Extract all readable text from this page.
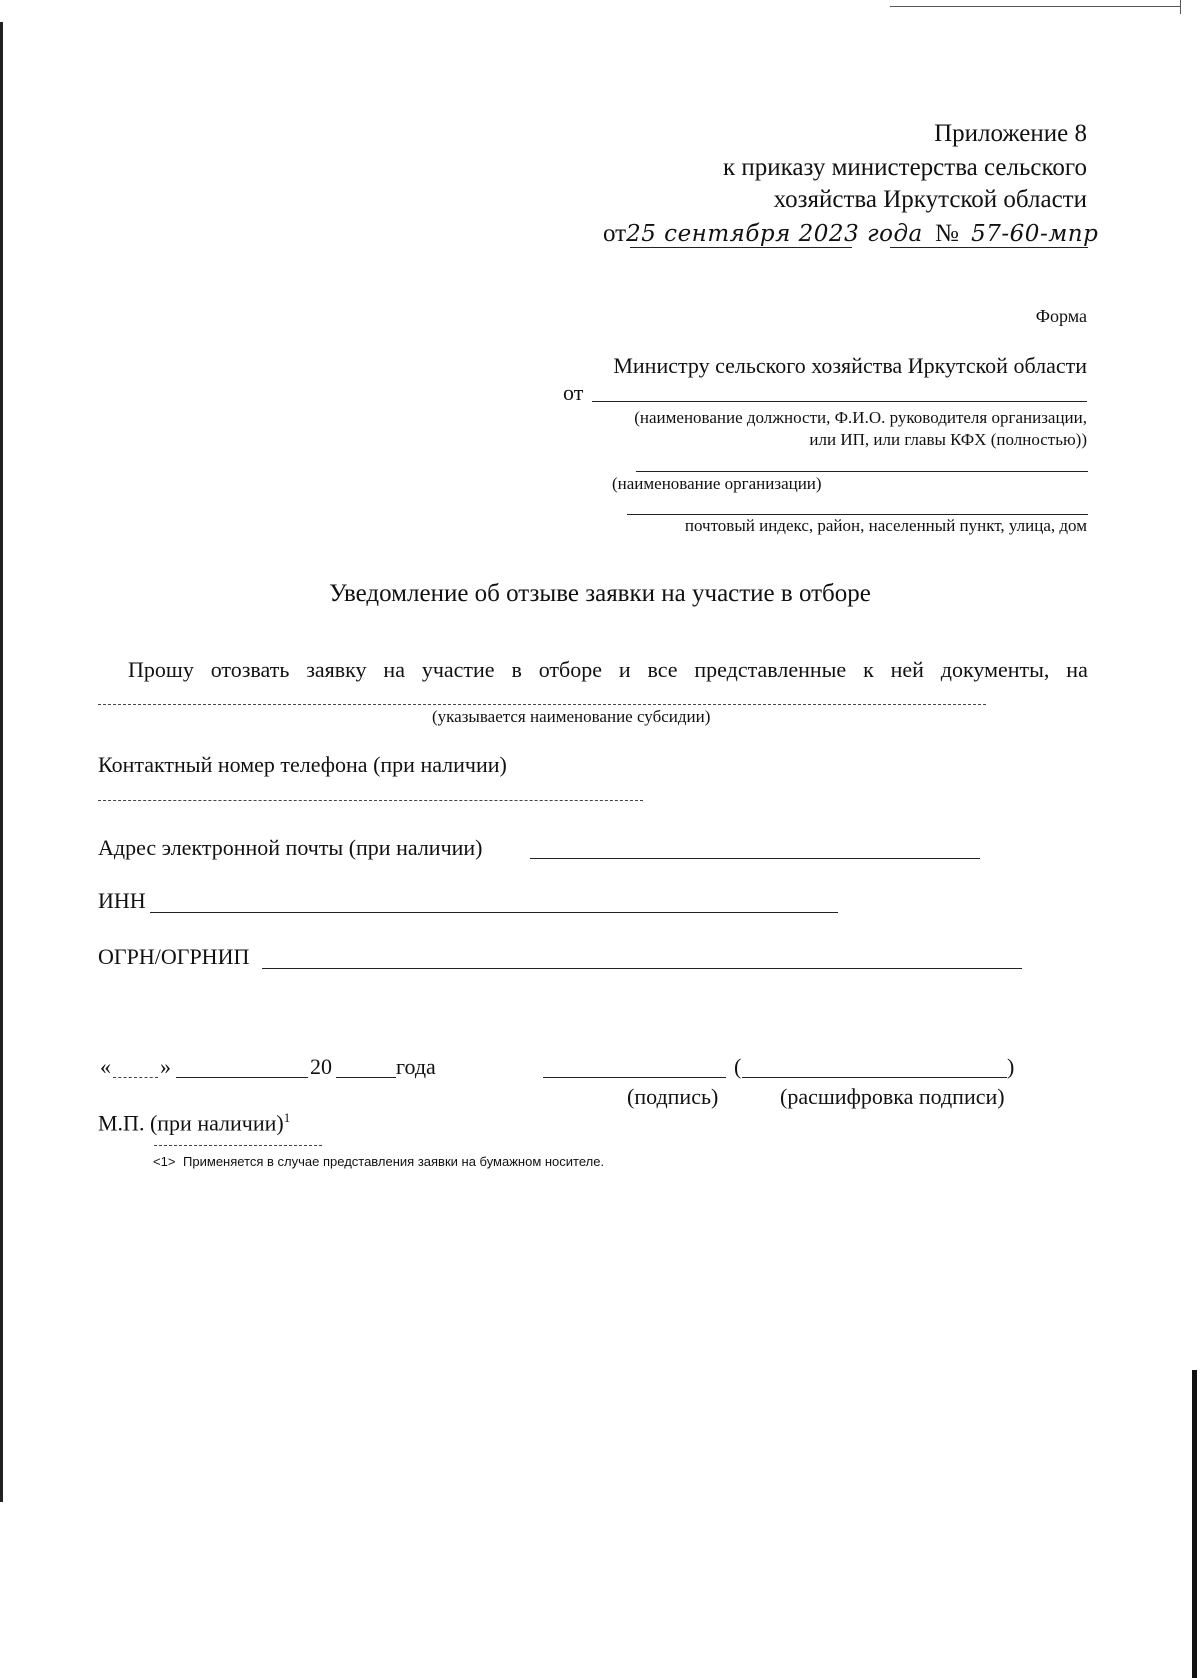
Приложение 8
к приказу министерства сельского
хозяйства Иркутской области
от25 сентября 2023 года № 57-60-мпр
Форма
Министру сельского хозяйства Иркутской области
от
(наименование должности, Ф.И.О. руководителя организации,
или ИП, или главы КФХ (полностью))
(наименование организации)
почтовый индекс, район, населенный пункт, улица, дом
Уведомление об отзыве заявки на участие в отборе
Прошу отозвать заявку на участие в отборе и все представленные к ней документы, на
(указывается наименование субсидии)
Контактный номер телефона (при наличии)
Адрес электронной почты (при наличии)
ИНН
ОГРН/ОГРНИП
« »	20	года	(	)
(подпись)	(расшифровка подписи)
М.П. (при наличии)$^1$
<1> Применяется в случае представления заявки на бумажном носителе.
